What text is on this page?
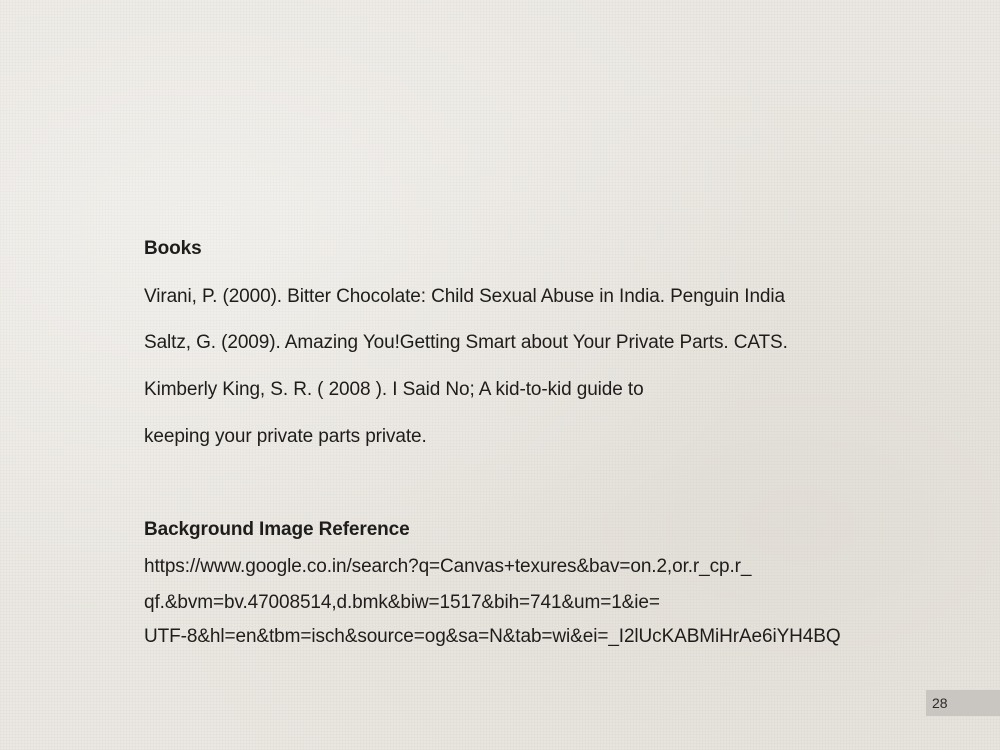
Books

Virani, P. (2000). Bitter Chocolate: Child Sexual Abuse in India. Penguin India

Saltz, G. (2009). Amazing You!Getting Smart about Your Private Parts. CATS.

Kimberly King, S. R. ( 2008 ). I Said No; A kid-to-kid guide to

keeping your private parts private.

Background Image Reference

https://www.google.co.in/search?q=Canvas+texures&bav=on.2,or.r_cp.r_

qf.&bvm=bv.47008514,d.bmk&biw=1517&bih=741&um=1&ie=

UTF-8&hl=en&tbm=isch&source=og&sa=N&tab=wi&ei=_I2lUcKABMiHrAe6iYH4BQ

28
